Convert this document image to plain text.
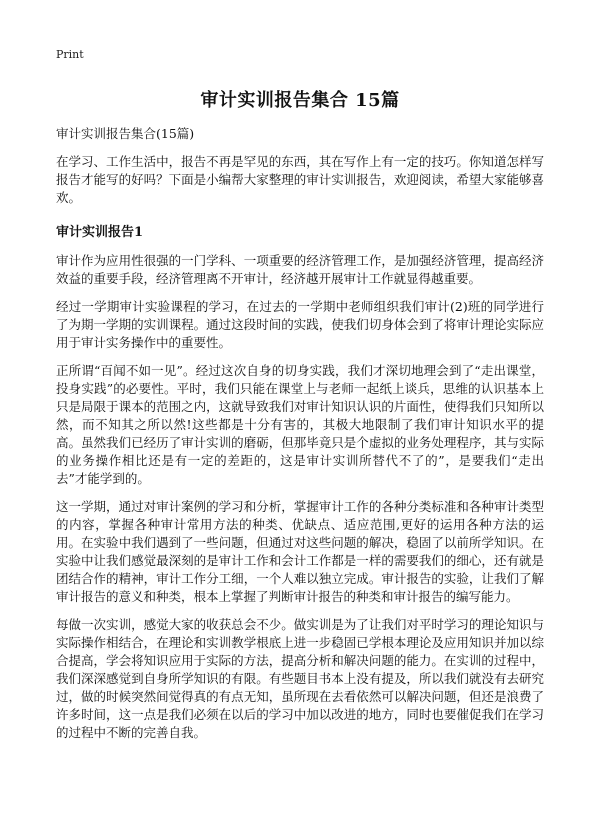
Print
审计实训报告集合 15篇

审计实训报告集合(15篇)

在学习、工作生活中，报告不再是罕见的东西，其在写作上有一定的技巧。你知道怎样写报告才能写的好吗？下面是小编帮大家整理的审计实训报告，欢迎阅读，希望大家能够喜欢。

审计实训报告1

审计作为应用性很强的一门学科、一项重要的经济管理工作，是加强经济管理，提高经济效益的重要手段，经济管理离不开审计，经济越开展审计工作就显得越重要。

经过一学期审计实验课程的学习，在过去的一学期中老师组织我们审计(2)班的同学进行了为期一学期的实训课程。通过这段时间的实践，使我们切身体会到了将审计理论实际应用于审计实务操作中的重要性。

正所谓“百闻不如一见”。经过这次自身的切身实践，我们才深切地理会到了“走出课堂，投身实践”的必要性。平时，我们只能在课堂上与老师一起纸上谈兵，思维的认识基本上只是局限于课本的范围之内，这就导致我们对审计知识认识的片面性，使得我们只知所以然，而不知其之所以然!这些都是十分有害的，其极大地限制了我们审计知识水平的提高。虽然我们已经历了审计实训的磨砺，但那毕竟只是个虚拟的业务处理程序，其与实际的业务操作相比还是有一定的差距的，这是审计实训所替代不了的”，是要我们“走出去”才能学到的。

这一学期，通过对审计案例的学习和分析，掌握审计工作的各种分类标准和各种审计类型的内容，掌握各种审计常用方法的种类、优缺点、适应范围,更好的运用各种方法的运用。在实验中我们遇到了一些问题，但通过对这些问题的解决，稳固了以前所学知识。在实验中让我们感觉最深刻的是审计工作和会计工作都是一样的需要我们的细心，还有就是团结合作的精神，审计工作分工细，一个人难以独立完成。审计报告的实验，让我们了解审计报告的意义和种类，根本上掌握了判断审计报告的种类和审计报告的编写能力。

每做一次实训，感觉大家的收获总会不少。做实训是为了让我们对平时学习的理论知识与实际操作相结合，在理论和实训教学根底上进一步稳固已学根本理论及应用知识并加以综合提高，学会将知识应用于实际的方法，提高分析和解决问题的能力。在实训的过程中，我们深深感觉到自身所学知识的有限。有些题目书本上没有提及，所以我们就没有去研究过，做的时候突然间觉得真的有点无知，虽所现在去看依然可以解决问题，但还是浪费了许多时间，这一点是我们必须在以后的学习中加以改进的地方，同时也要催促我们在学习的过程中不断的完善自我。
